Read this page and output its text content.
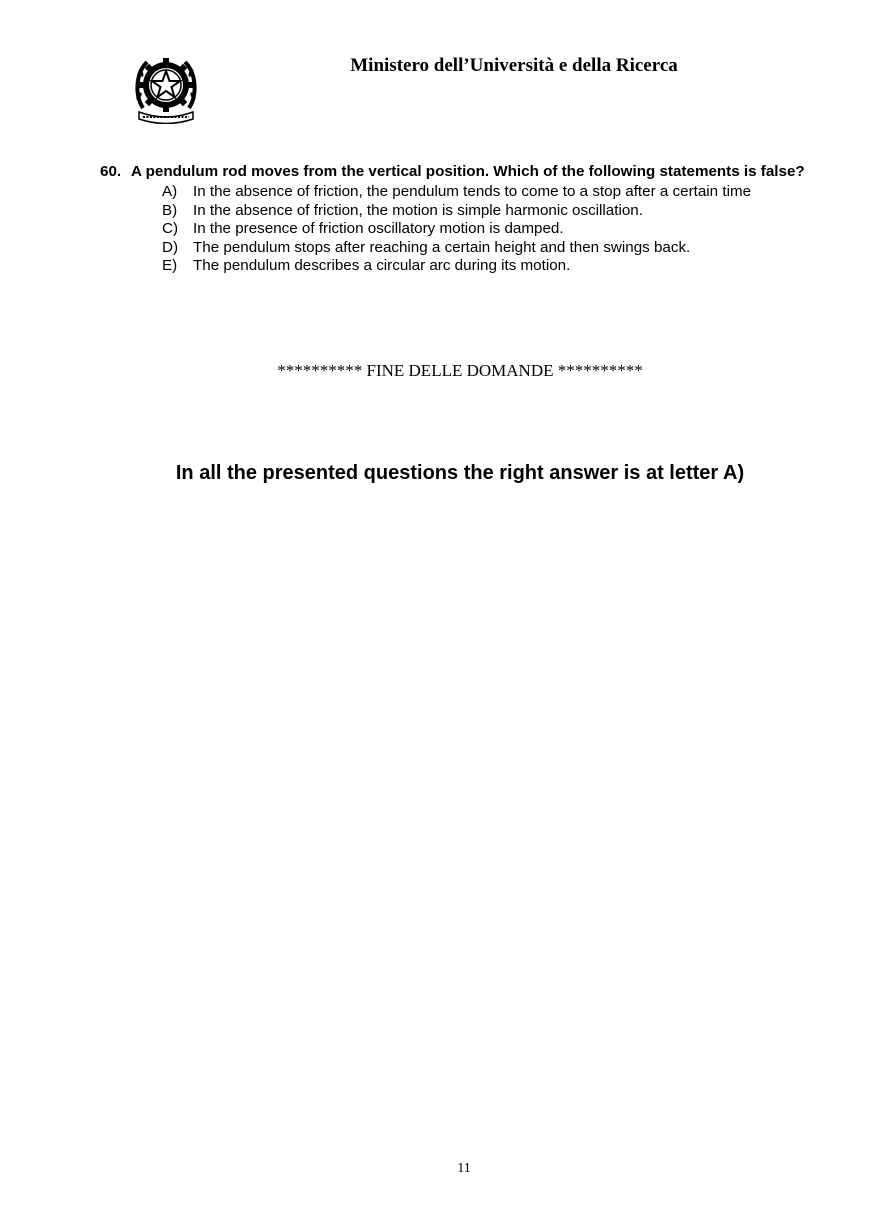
Ministero dell’Università e della Ricerca
60. A pendulum rod moves from the vertical position. Which of the following statements is false?
A)	In the absence of friction, the pendulum tends to come to a stop after a certain time
B)	In the absence of friction, the motion is simple harmonic oscillation.
C) In the presence of friction oscillatory motion is damped.
D) The pendulum stops after reaching a certain height and then swings back.
E)	The pendulum describes a circular arc during its motion.
********** FINE DELLE DOMANDE **********
In all the presented questions the right answer is at letter A)
11
